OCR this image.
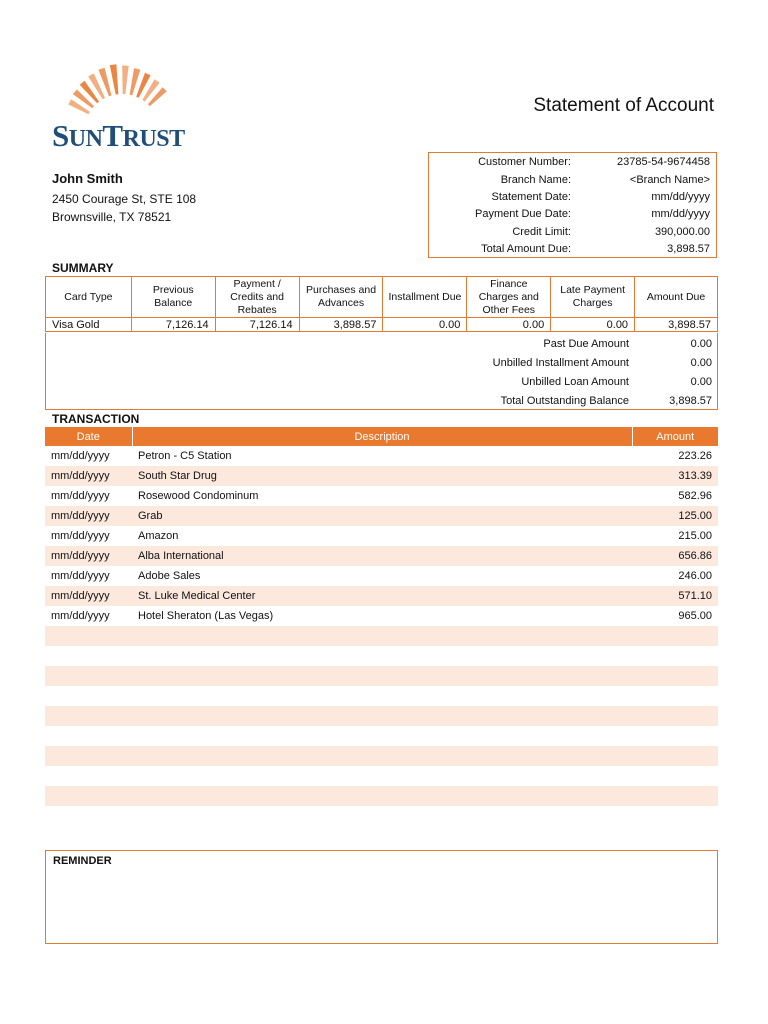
SUNTRUST
Statement of Account
John Smith
2450 Courage St, STE 108
Brownsville, TX 78521
Customer Number:	23785-54-9674458
Branch Name:	<Branch Name>
Statement Date:	mm/dd/yyyy
Payment Due Date:	mm/dd/yyyy
Credit Limit:	390,000.00
Total Amount Due:	3,898.57
SUMMARY
Card Type	Previous Balance	Payment / Credits and Rebates	Purchases and Advances	Installment Due	Finance Charges and Other Fees	Late Payment Charges	Amount Due
Visa Gold	7,126.14	7,126.14	3,898.57	0.00	0.00	0.00	3,898.57
Past Due Amount	0.00
Unbilled Installment Amount	0.00
Unbilled Loan Amount	0.00
Total Outstanding Balance	3,898.57
TRANSACTION
Date	Description	Amount
mm/dd/yyyy	Petron - C5 Station	223.26
mm/dd/yyyy	South Star Drug	313.39
mm/dd/yyyy	Rosewood Condominum	582.96
mm/dd/yyyy	Grab	125.00
mm/dd/yyyy	Amazon	215.00
mm/dd/yyyy	Alba International	656.86
mm/dd/yyyy	Adobe Sales	246.00
mm/dd/yyyy	St. Luke Medical Center	571.10
mm/dd/yyyy	Hotel Sheraton (Las Vegas)	965.00

REMINDER
